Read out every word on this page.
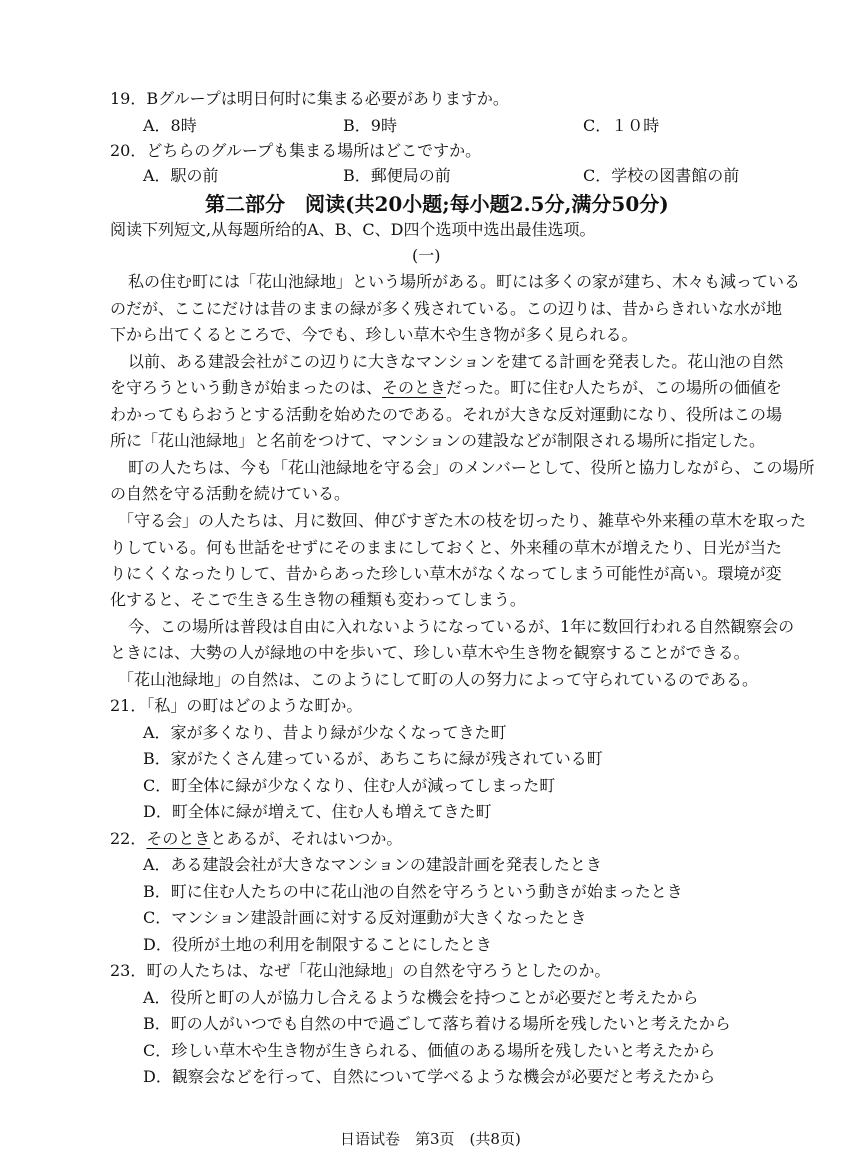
19．Bグループは明日何时に集まる必要がありますか。
A．8時	B．9時	C．１０時
20．どちらのグループも集まる場所はどこですか。
A．駅の前	B．郵便局の前	C．学校の図書館の前
第二部分　阅读(共20小题;每小题2.5分,满分50分)
阅读下列短文,从每题所给的A、B、C、D四个选项中选出最佳选项。
(一)
私の住む町には「花山池緑地」という場所がある。町には多くの家が建ち、木々も減っている
のだが、ここにだけは昔のままの緑が多く残されている。この辺りは、昔からきれいな水が地
下から出てくるところで、今でも、珍しい草木や生き物が多く見られる。
以前、ある建設会社がこの辺りに大きなマンションを建てる計画を発表した。花山池の自然
を守ろうという動きが始まったのは、そのときだった。町に住む人たちが、この場所の価値を
わかってもらおうとする活動を始めたのである。それが大きな反対運動になり、役所はこの場
所に「花山池緑地」と名前をつけて、マンションの建設などが制限される場所に指定した。
町の人たちは、今も「花山池緑地を守る会」のメンバーとして、役所と協力しながら、この場所
の自然を守る活動を続けている。
「守る会」の人たちは、月に数回、伸びすぎた木の枝を切ったり、雑草や外来種の草木を取った
りしている。何も世話をせずにそのままにしておくと、外来種の草木が増えたり、日光が当た
りにくくなったりして、昔からあった珍しい草木がなくなってしまう可能性が高い。環境が変
化すると、そこで生きる生き物の種類も変わってしまう。
今、この場所は普段は自由に入れないようになっているが、1年に数回行われる自然観察会の
ときには、大勢の人が緑地の中を歩いて、珍しい草木や生き物を観察することができる。
「花山池緑地」の自然は、このようにして町の人の努力によって守られているのである。
21．「私」の町はどのような町か。
A．家が多くなり、昔より緑が少なくなってきた町
B．家がたくさん建っているが、あちこちに緑が残されている町
C．町全体に緑が少なくなり、住む人が減ってしまった町
D．町全体に緑が増えて、住む人も増えてきた町
22．そのときとあるが、それはいつか。
A．ある建設会社が大きなマンションの建設計画を発表したとき
B．町に住む人たちの中に花山池の自然を守ろうという動きが始まったとき
C．マンション建設計画に対する反対運動が大きくなったとき
D．役所が土地の利用を制限することにしたとき
23．町の人たちは、なぜ「花山池緑地」の自然を守ろうとしたのか。
A．役所と町の人が協力し合えるような機会を持つことが必要だと考えたから
B．町の人がいつでも自然の中で過ごして落ち着ける場所を残したいと考えたから
C．珍しい草木や生き物が生きられる、価値のある場所を残したいと考えたから
D．観察会などを行って、自然について学べるような機会が必要だと考えたから
日语试卷　第3页　(共8页)
